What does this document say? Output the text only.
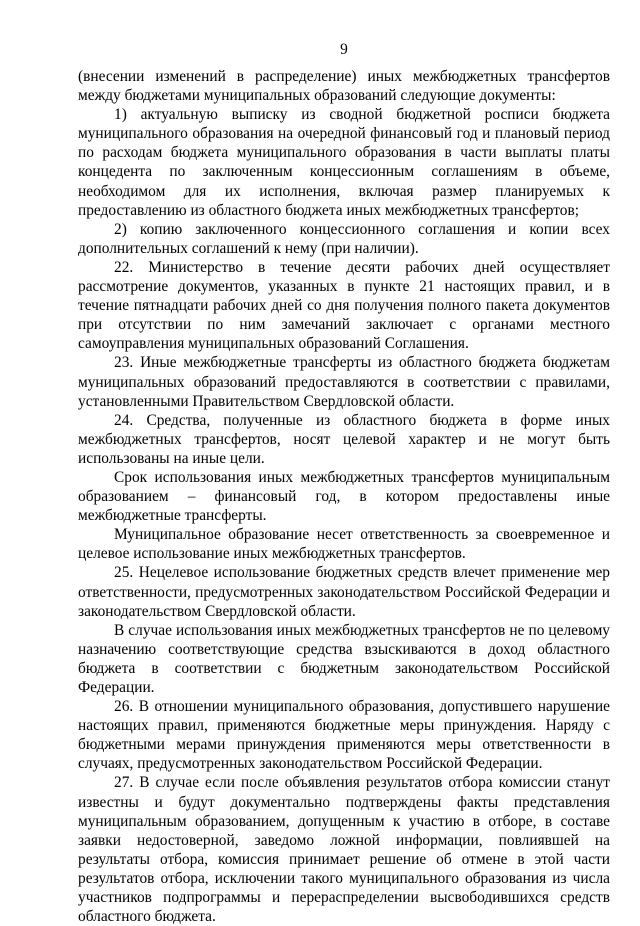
9

(внесении изменений в распределение) иных межбюджетных трансфертов между бюджетами муниципальных образований следующие документы:

1) актуальную выписку из сводной бюджетной росписи бюджета муниципального образования на очередной финансовый год и плановый период по расходам бюджета муниципального образования в части выплаты платы концедента по заключенным концессионным соглашениям в объеме, необходимом для их исполнения, включая размер планируемых к предоставлению из областного бюджета иных межбюджетных трансфертов;

2) копию заключенного концессионного соглашения и копии всех дополнительных соглашений к нему (при наличии).

22. Министерство в течение десяти рабочих дней осуществляет рассмотрение документов, указанных в пункте 21 настоящих правил, и в течение пятнадцати рабочих дней со дня получения полного пакета документов при отсутствии по ним замечаний заключает с органами местного самоуправления муниципальных образований Соглашения.

23. Иные межбюджетные трансферты из областного бюджета бюджетам муниципальных образований предоставляются в соответствии с правилами, установленными Правительством Свердловской области.

24. Средства, полученные из областного бюджета в форме иных межбюджетных трансфертов, носят целевой характер и не могут быть использованы на иные цели.

Срок использования иных межбюджетных трансфертов муниципальным образованием – финансовый год, в котором предоставлены иные межбюджетные трансферты.

Муниципальное образование несет ответственность за своевременное и целевое использование иных межбюджетных трансфертов.

25. Нецелевое использование бюджетных средств влечет применение мер ответственности, предусмотренных законодательством Российской Федерации и законодательством Свердловской области.

В случае использования иных межбюджетных трансфертов не по целевому назначению соответствующие средства взыскиваются в доход областного бюджета в соответствии с бюджетным законодательством Российской Федерации.

26. В отношении муниципального образования, допустившего нарушение настоящих правил, применяются бюджетные меры принуждения. Наряду с бюджетными мерами принуждения применяются меры ответственности в случаях, предусмотренных законодательством Российской Федерации.

27. В случае если после объявления результатов отбора комиссии станут известны и будут документально подтверждены факты представления муниципальным образованием, допущенным к участию в отборе, в составе заявки недостоверной, заведомо ложной информации, повлиявшей на результаты отбора, комиссия принимает решение об отмене в этой части результатов отбора, исключении такого муниципального образования из числа участников подпрограммы и перераспределении высвободившихся средств областного бюджета.
